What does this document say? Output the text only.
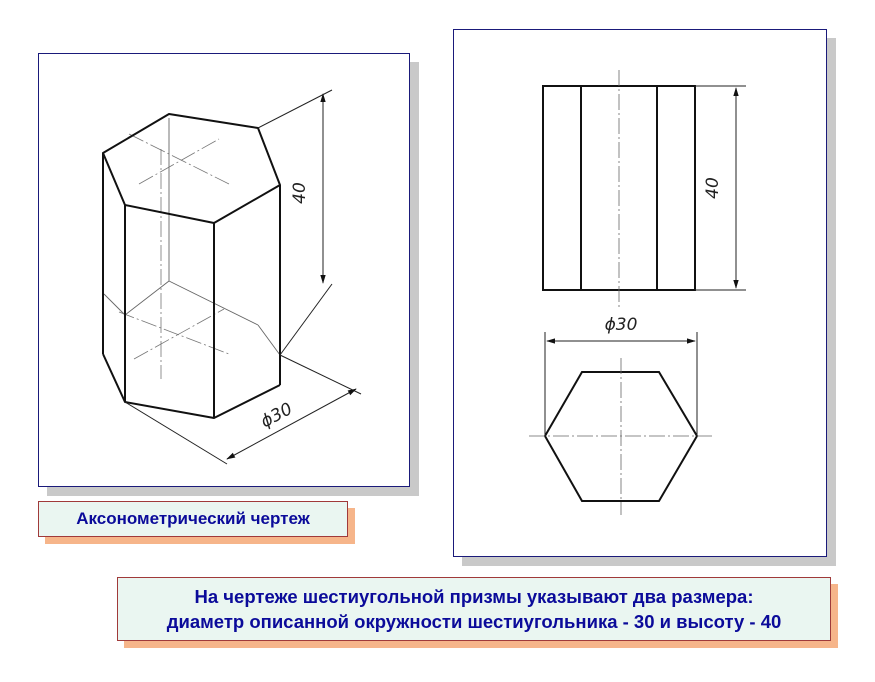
40
ϕ30
40
ϕ30
Аксонометрический чертеж
На чертеже шестиугольной призмы указывают два размера:
диаметр описанной окружности шестиугольника - 30 и высоту - 40
